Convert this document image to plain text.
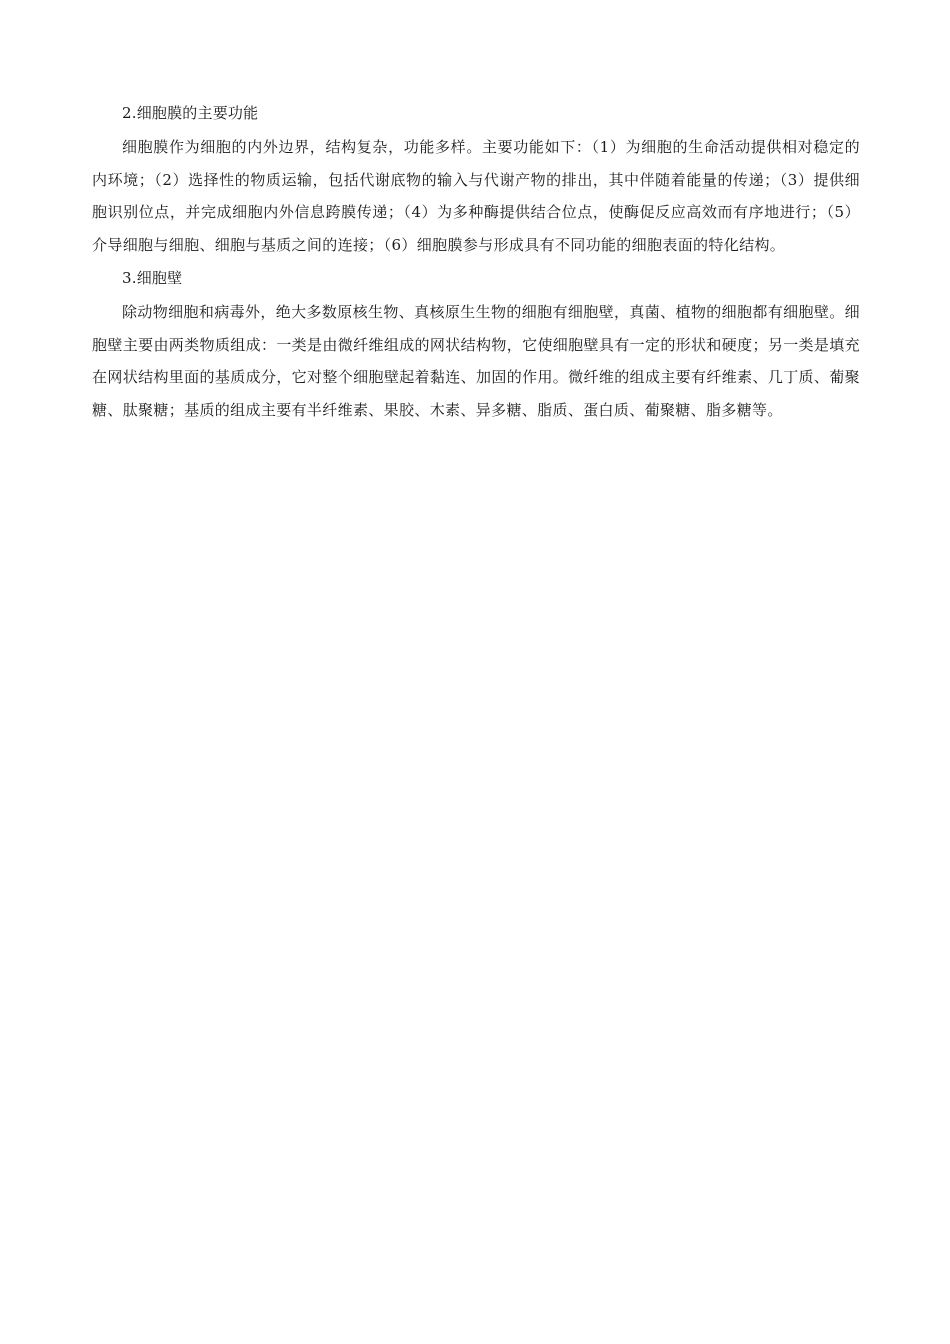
2.细胞膜的主要功能

细胞膜作为细胞的内外边界，结构复杂，功能多样。主要功能如下：（1）为细胞的生命活动提供相对稳定的内环境；（2）选择性的物质运输，包括代谢底物的输入与代谢产物的排出，其中伴随着能量的传递；（3）提供细胞识别位点，并完成细胞内外信息跨膜传递；（4）为多种酶提供结合位点，使酶促反应高效而有序地进行；（5）介导细胞与细胞、细胞与基质之间的连接；（6）细胞膜参与形成具有不同功能的细胞表面的特化结构。

3.细胞壁

除动物细胞和病毒外，绝大多数原核生物、真核原生生物的细胞有细胞壁，真菌、植物的细胞都有细胞壁。细胞壁主要由两类物质组成：一类是由微纤维组成的网状结构物，它使细胞壁具有一定的形状和硬度；另一类是填充在网状结构里面的基质成分，它对整个细胞壁起着黏连、加固的作用。微纤维的组成主要有纤维素、几丁质、葡聚糖、肽聚糖；基质的组成主要有半纤维素、果胶、木素、异多糖、脂质、蛋白质、葡聚糖、脂多糖等。
